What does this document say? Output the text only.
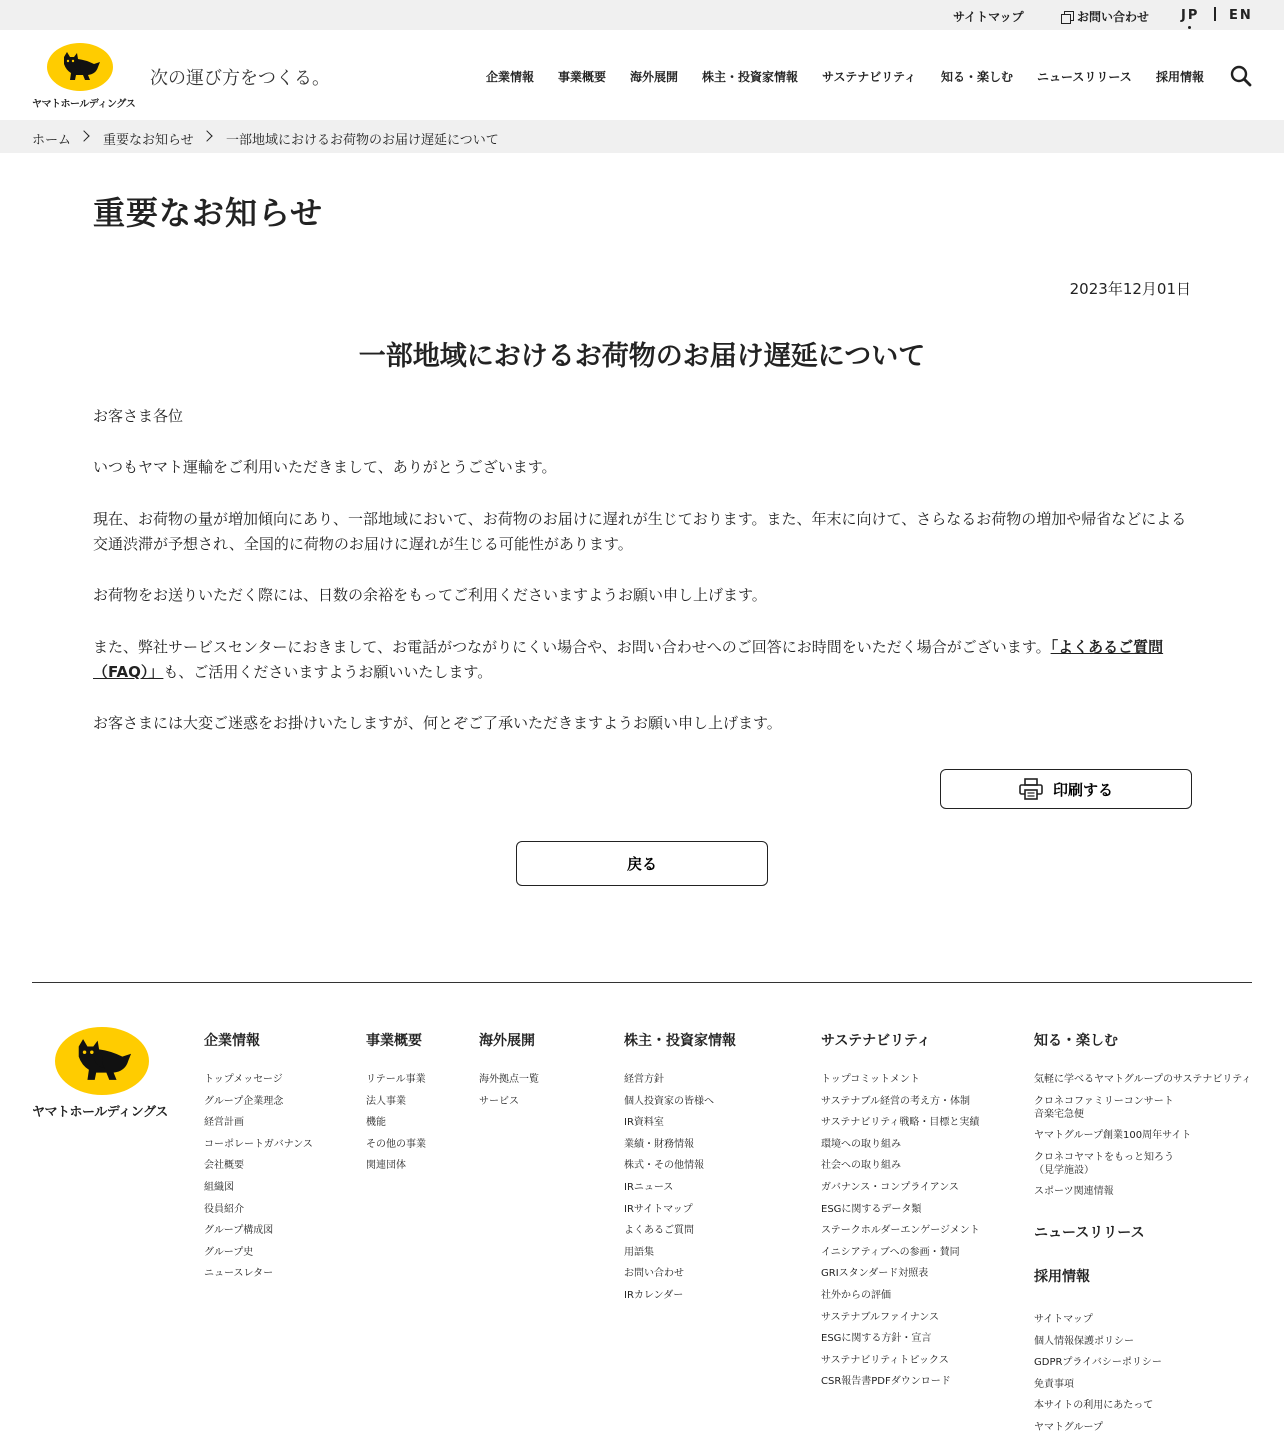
サイトマップ	お問い合わせ JP EN
ヤマトホールディングス
次の運び方をつくる。	企業情報 事業概要 海外展開 株主・投資家情報 サステナビリティ 知る・楽しむ ニュースリリース 採用情報
ホーム 重要なお知らせ 一部地域におけるお荷物のお届け遅延について
重要なお知らせ
2023年12月01日
一部地域におけるお荷物のお届け遅延について

お客さま各位

いつもヤマト運輸をご利用いただきまして、ありがとうございます。

現在、お荷物の量が増加傾向にあり、一部地域において、お荷物のお届けに遅れが生じております。また、年末に向けて、さらなるお荷物の増加や帰省などによる交通渋滞が予想され、全国的に荷物のお届けに遅れが生じる可能性があります。

お荷物をお送りいただく際には、日数の余裕をもってご利用くださいますようお願い申し上げます。

また、弊社サービスセンターにおきまして、お電話がつながりにくい場合や、お問い合わせへのご回答にお時間をいただく場合がございます。「よくあるご質問（FAQ）」も、ご活用くださいますようお願いいたします。

お客さまには大変ご迷惑をお掛けいたしますが、何とぞご了承いただきますようお願い申し上げます。

印刷する
戻る
ヤマトホールディングス
企業情報
トップメッセージ
グループ企業理念
経営計画
コーポレートガバナンス
会社概要
組織図
役員紹介
グループ構成図
グループ史
ニュースレター
事業概要
リテール事業
法人事業
機能
その他の事業
関連団体
海外展開
海外拠点一覧
サービス
株主・投資家情報
経営方針
個人投資家の皆様へ
IR資料室
業績・財務情報
株式・その他情報
IRニュース
IRサイトマップ
よくあるご質問
用語集
お問い合わせ
IRカレンダー
サステナビリティ
トップコミットメント
サステナブル経営の考え方・体制
サステナビリティ戦略・目標と実績
環境への取り組み
社会への取り組み
ガバナンス・コンプライアンス
ESGに関するデータ類
ステークホルダーエンゲージメント
イニシアティブへの参画・賛同
GRIスタンダード対照表
社外からの評価
サステナブルファイナンス
ESGに関する方針・宣言
サステナビリティトピックス
CSR報告書PDFダウンロード
知る・楽しむ
気軽に学べるヤマトグループのサステナビリティ
クロネコファミリーコンサート
音楽宅急便
ヤマトグループ創業100周年サイト
クロネコヤマトをもっと知ろう
（見学施設）
スポーツ関連情報
ニュースリリース
採用情報
サイトマップ
個人情報保護ポリシー
GDPRプライバシーポリシー
免責事項
本サイトの利用にあたって
ヤマトグループ
